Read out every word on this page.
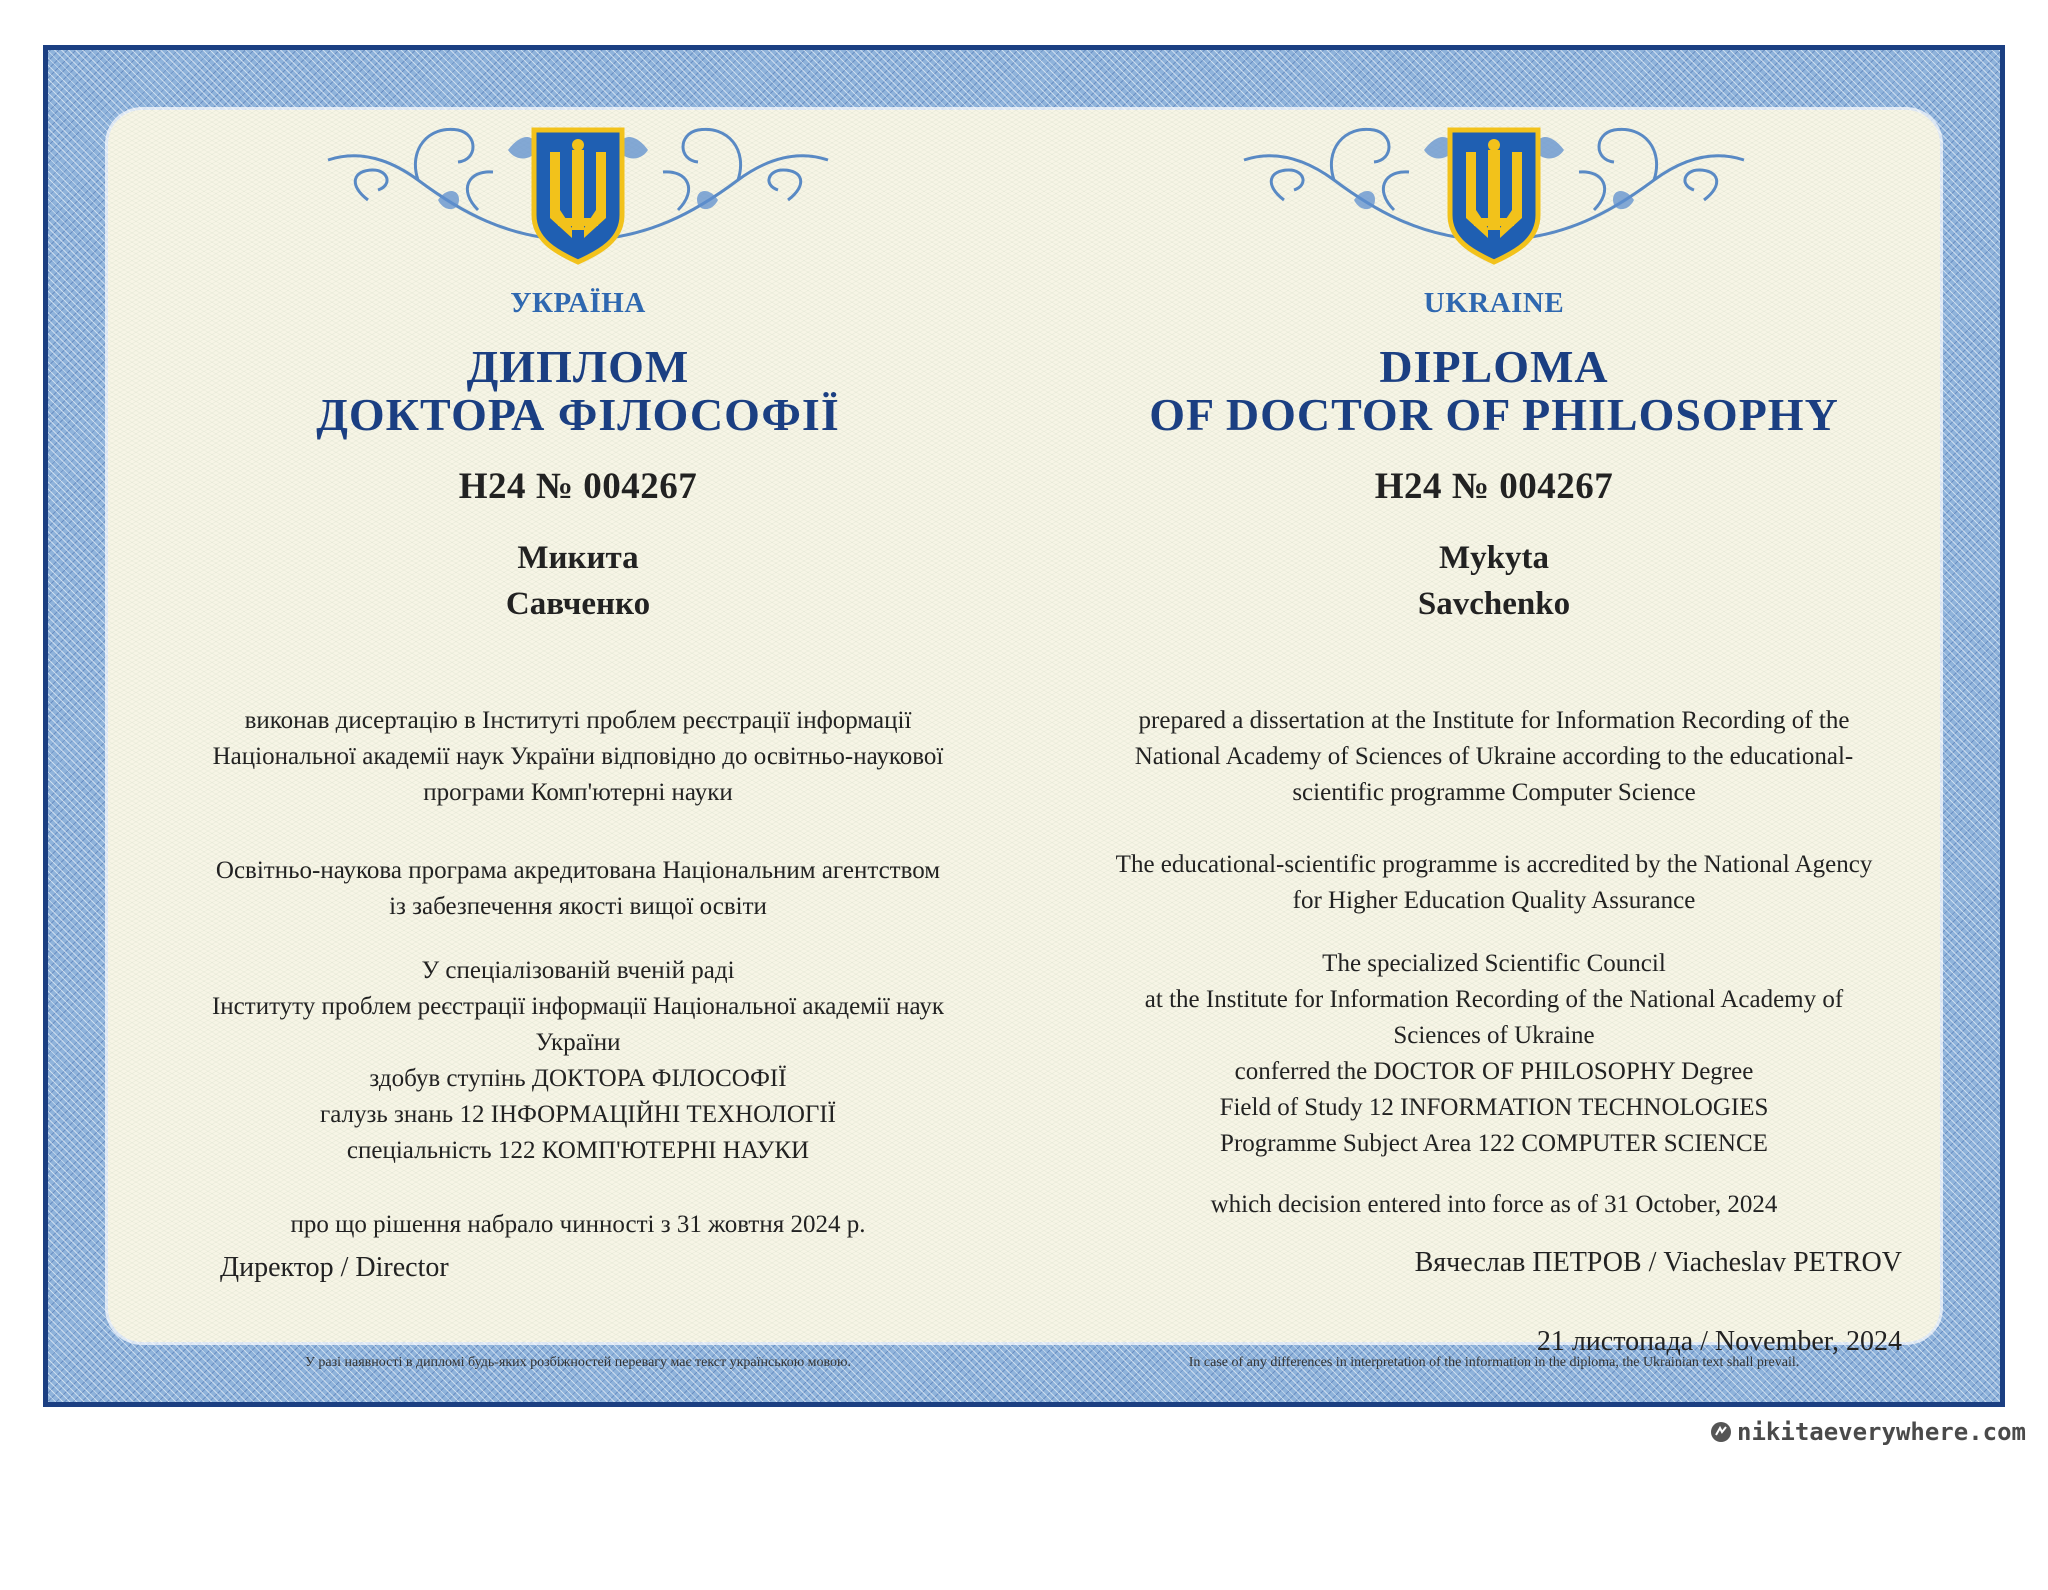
УКРАЇНА
ДИПЛОМ
ДОКТОРА ФІЛОСОФІЇ
Н24 № 004267
Микита
Савченко
виконав дисертацію в Інституті проблем реєстрації інформації
Національної академії наук України відповідно до освітньо-наукової
програми Комп'ютерні науки
Освітньо-наукова програма акредитована Національним агентством
із забезпечення якості вищої освіти
У спеціалізованій вченій раді
Інституту проблем реєстрації інформації Національної академії наук
України
здобув ступінь ДОКТОРА ФІЛОСОФІЇ
галузь знань 12 ІНФОРМАЦІЙНІ ТЕХНОЛОГІЇ
спеціальність 122 КОМП'ЮТЕРНІ НАУКИ
про що рішення набрало чинності з 31 жовтня 2024 р.
Директор / Director
У разі наявності в дипломі будь-яких розбіжностей перевагу має текст українською мовою.
UKRAINE
DIPLOMA
OF DOCTOR OF PHILOSOPHY
H24 № 004267
Mykyta
Savchenko
prepared a dissertation at the Institute for Information Recording of the
National Academy of Sciences of Ukraine according to the educational-
scientific programme Computer Science
The educational-scientific programme is accredited by the National Agency
for Higher Education Quality Assurance
The specialized Scientific Council
at the Institute for Information Recording of the National Academy of
Sciences of Ukraine
conferred the DOCTOR OF PHILOSOPHY Degree
Field of Study 12 INFORMATION TECHNOLOGIES
Programme Subject Area 122 COMPUTER SCIENCE
which decision entered into force as of 31 October, 2024
Вячеслав ПЕТРОВ / Viacheslav PETROV
21 листопада / November, 2024
In case of any differences in interpretation of the information in the diploma, the Ukrainian text shall prevail.
nikitaeverywhere.com
